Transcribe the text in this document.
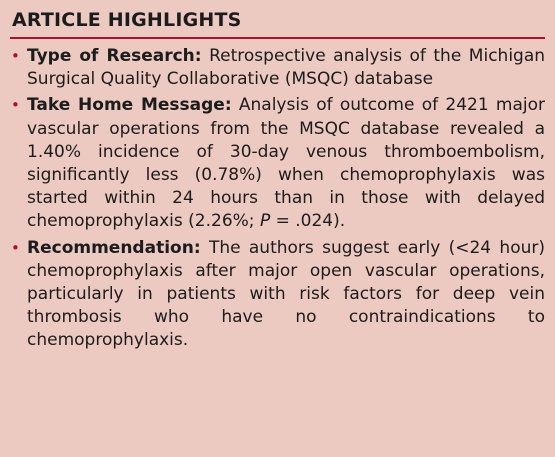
ARTICLE HIGHLIGHTS
• Type of Research: Retrospective analysis of the Michigan Surgical Quality Collaborative (MSQC) database
• Take Home Message: Analysis of outcome of 2421 major vascular operations from the MSQC database revealed a 1.40% incidence of 30-day venous thromboembolism, significantly less (0.78%) when chemoprophylaxis was started within 24 hours than in those with delayed chemoprophylaxis (2.26%; P = .024).
• Recommendation: The authors suggest early (<24 hour) chemoprophylaxis after major open vascular operations, particularly in patients with risk factors for deep vein thrombosis who have no contraindications to chemoprophylaxis.
